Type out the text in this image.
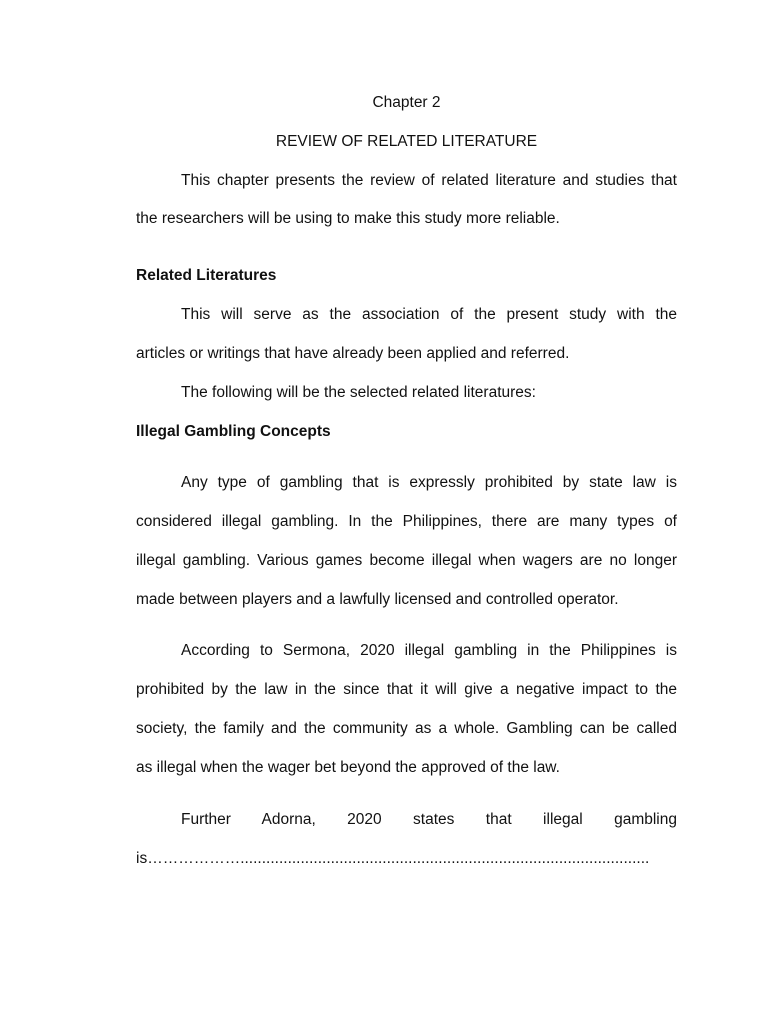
Chapter 2
REVIEW OF RELATED LITERATURE
This chapter presents the review of related literature and studies that
the researchers will be using to make this study more reliable.
Related Literatures
This will serve as the association of the present study with the
articles or writings that have already been applied and referred.
The following will be the selected related literatures:
Illegal Gambling Concepts
Any type of gambling that is expressly prohibited by state law is
considered illegal gambling. In the Philippines, there are many types of
illegal gambling. Various games become illegal when wagers are no longer
made between players and a lawfully licensed and controlled operator.
According to Sermona, 2020 illegal gambling in the Philippines is
prohibited by the law in the since that it will give a negative impact to the
society, the family and the community as a whole. Gambling can be called
as illegal when the wager bet beyond the approved of the law.
Further Adorna, 2020 states that illegal gambling
is………………...............................................................................................
